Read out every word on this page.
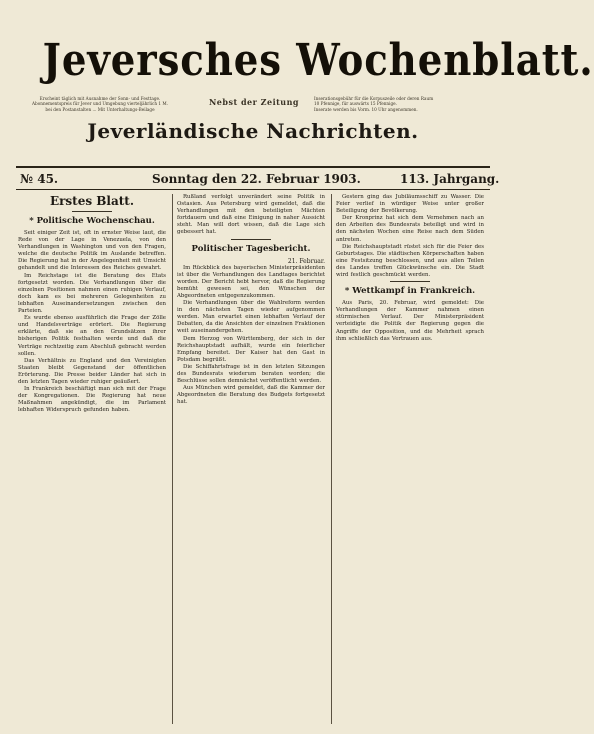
Jeversches Wochenblatt.
Erscheint täglich mit Ausnahme der Sonn- und Festtage.
Abonnementspreis für Jever und Umgebung vierteljährlich 1 M.
bei den Postanstalten ... Mit Unterhaltungs-Beilage
Nebst der Zeitung	Inserationsgebühr für die Korpuszeile oder deren Raum
10 Pfennige, für auswärts 15 Pfennige.
Inserate werden bis Vorm. 10 Uhr angenommen.
Jeverländische Nachrichten.
№ 45.	Sonntag den 22. Februar 1903.	113. Jahrgang.
Erstes Blatt.
* Politische Wochenschau.

Seit einiger Zeit ist, oft in ernster Weise laut, die Rede von der Lage in Venezuela, von den Verhandlungen in Washington und von den Fragen, welche die deutsche Politik im Auslande betreffen. Die Regierung hat in der Angelegenheit mit Umsicht gehandelt und die Interessen des Reiches gewahrt.

Im Reichstage ist die Beratung des Etats fortgesetzt worden. Die Verhandlungen über die einzelnen Positionen nahmen einen ruhigen Verlauf, doch kam es bei mehreren Gelegenheiten zu lebhaften Auseinandersetzungen zwischen den Parteien.

Es wurde ebenso ausführlich die Frage der Zölle und Handelsverträge erörtert. Die Regierung erklärte, daß sie an den Grundsätzen ihrer bisherigen Politik festhalten werde und daß die Verträge rechtzeitig zum Abschluß gebracht werden sollen.

Das Verhältnis zu England und den Vereinigten Staaten bleibt Gegenstand der öffentlichen Erörterung. Die Presse beider Länder hat sich in den letzten Tagen wieder ruhiger geäußert.

In Frankreich beschäftigt man sich mit der Frage der Kongregationen. Die Regierung hat neue Maßnahmen angekündigt, die im Parlament lebhaften Widerspruch gefunden haben.

Rußland verfolgt unverändert seine Politik in Ostasien. Aus Petersburg wird gemeldet, daß die Verhandlungen mit den beteiligten Mächten fortdauern und daß eine Einigung in naher Aussicht steht. Man will dort wissen, daß die Lage sich gebessert hat.

Politischer Tagesbericht.
21. Februar.

Im Rückblick des bayerischen Ministerpräsidenten ist über die Verhandlungen des Landtages berichtet worden. Der Bericht hebt hervor, daß die Regierung bemüht gewesen sei, den Wünschen der Abgeordneten entgegenzukommen.

Die Verhandlungen über die Wahlreform werden in den nächsten Tagen wieder aufgenommen werden. Man erwartet einen lebhaften Verlauf der Debatten, da die Ansichten der einzelnen Fraktionen weit auseinandergehen.

Dem Herzog von Württemberg, der sich in der Reichshauptstadt aufhält, wurde ein feierlicher Empfang bereitet. Der Kaiser hat den Gast in Potsdam begrüßt.

Die Schiffahrtsfrage ist in den letzten Sitzungen des Bundesrats wiederum beraten worden; die Beschlüsse sollen demnächst veröffentlicht werden.

Aus München wird gemeldet, daß die Kammer der Abgeordneten die Beratung des Budgets fortgesetzt hat.

Gestern ging das Jubiläumsschiff zu Wasser. Die Feier verlief in würdiger Weise unter großer Beteiligung der Bevölkerung.

Der Kronprinz hat sich dem Vernehmen nach an den Arbeiten des Bundesrats beteiligt und wird in den nächsten Wochen eine Reise nach dem Süden antreten.

Die Reichshauptstadt rüstet sich für die Feier des Geburtstages. Die städtischen Körperschaften haben eine Festsitzung beschlossen, und aus allen Teilen des Landes treffen Glückwünsche ein. Die Stadt wird festlich geschmückt werden.

* Wettkampf in Frankreich.

Aus Paris, 20. Februar, wird gemeldet: Die Verhandlungen der Kammer nahmen einen stürmischen Verlauf. Der Ministerpräsident verteidigte die Politik der Regierung gegen die Angriffe der Opposition, und die Mehrheit sprach ihm schließlich das Vertrauen aus.
